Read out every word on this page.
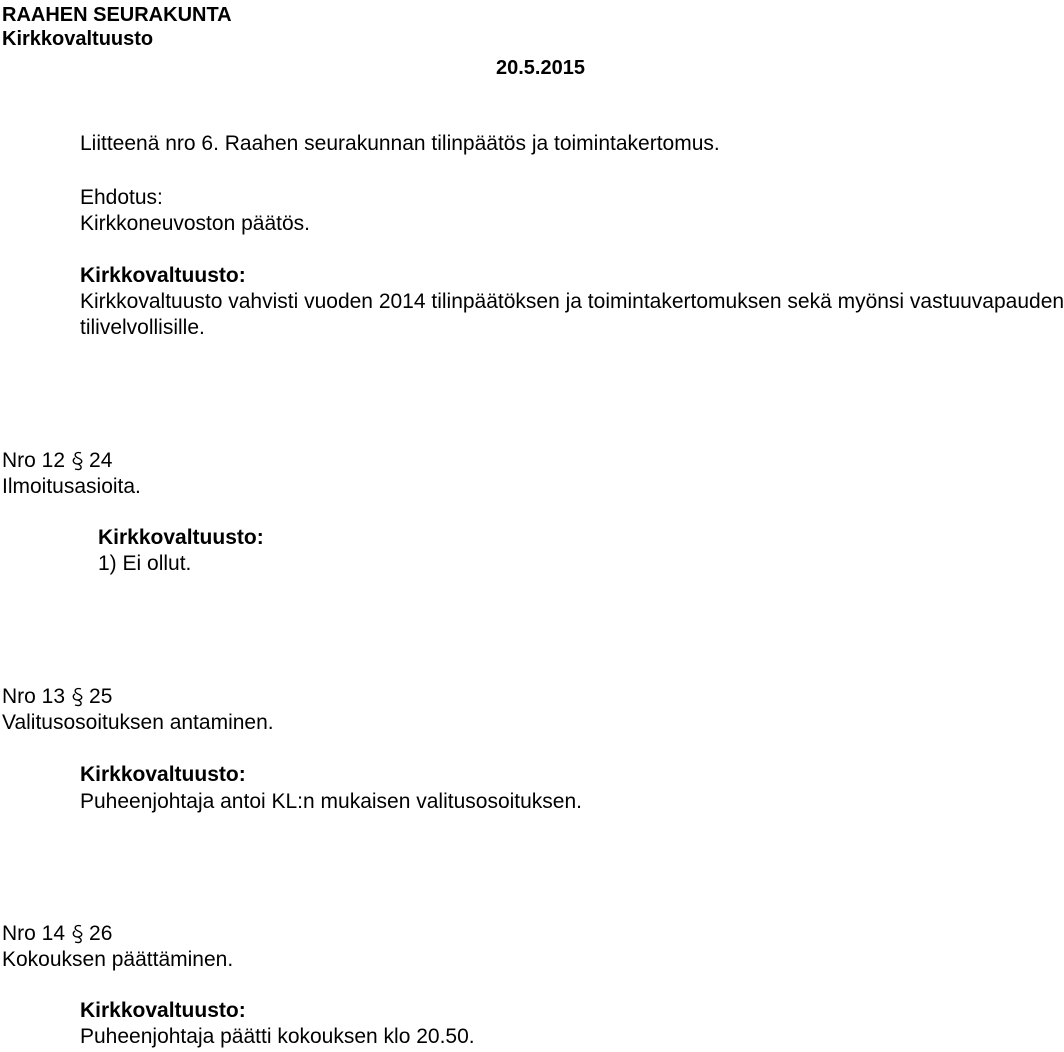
RAAHEN SEURAKUNTA
Kirkkovaltuusto
20.5.2015
Liitteenä nro 6. Raahen seurakunnan tilinpäätös ja toimintakertomus.
Ehdotus:
Kirkkoneuvoston päätös.
Kirkkovaltuusto:
Kirkkovaltuusto vahvisti vuoden 2014 tilinpäätöksen ja toimintakertomuksen sekä myönsi vastuuvapauden
tilivelvollisille.
Nro 12 24
Ilmoitusasioita.
Kirkkovaltuusto:
1) Ei ollut.
Nro 13 25
Valitusosoituksen antaminen.
Kirkkovaltuusto:
Puheenjohtaja antoi KL:n mukaisen valitusosoituksen.
Nro 14 26
Kokouksen päättäminen.
Kirkkovaltuusto:
Puheenjohtaja päätti kokouksen klo 20.50.
